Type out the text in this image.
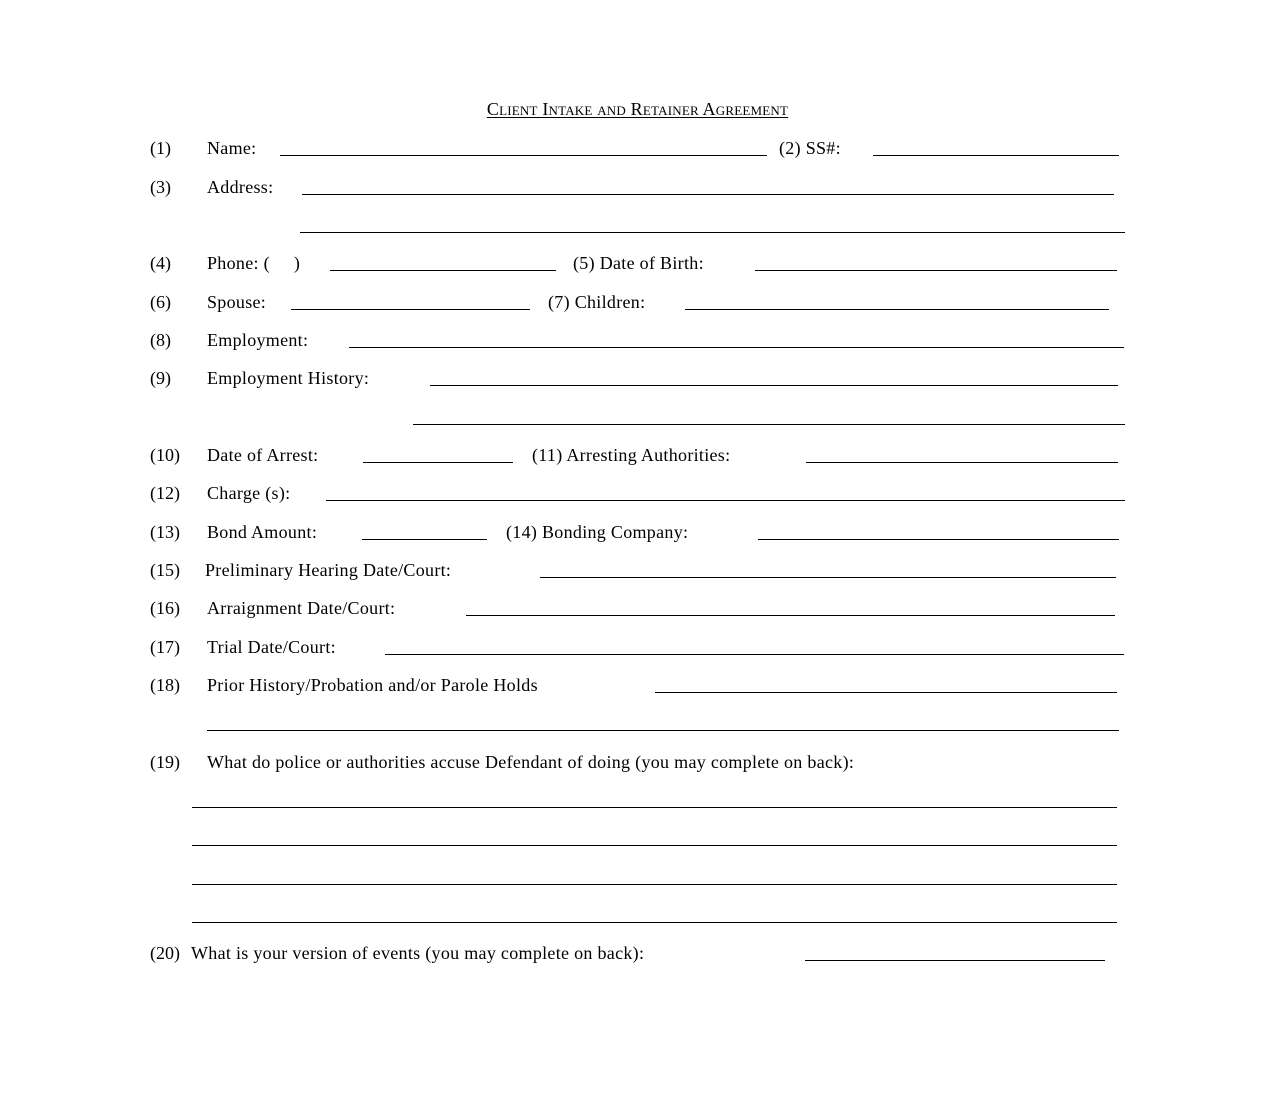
Client Intake and Retainer Agreement
(1) Name:	(2) SS#:
(3) Address:
(4) Phone: (     )	(5) Date of Birth:
(6) Spouse:	(7) Children:
(8) Employment:
(9) Employment History:
(10) Date of Arrest:	(11) Arresting Authorities:
(12) Charge (s):
(13) Bond Amount:	(14) Bonding Company:
(15) Preliminary Hearing Date/Court:
(16) Arraignment Date/Court:
(17) Trial Date/Court:
(18) Prior History/Probation and/or Parole Holds
(19) What do police or authorities accuse Defendant of doing (you may complete on back):
(20) What is your version of events (you may complete on back):
